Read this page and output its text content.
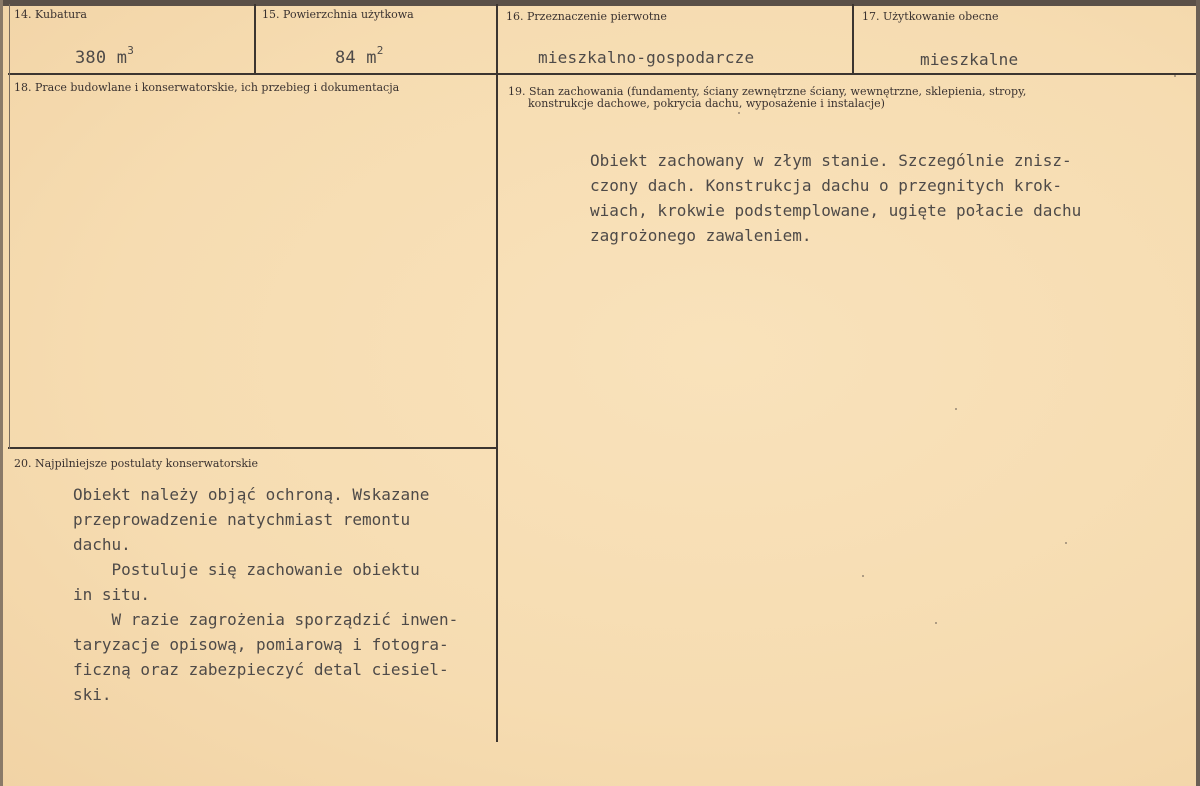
14. Kubatura
380 $m^3$
15. Powierzchnia użytkowa
84 $m^2$
16. Przeznaczenie pierwotne
mieszkalno-gospodarcze
17. Użytkowanie obecne
mieszkalne
18. Prace budowlane i konserwatorskie, ich przebieg i dokumentacja	19. Stan zachowania (fundamenty, ściany zewnętrzne ściany, wewnętrzne, sklepienia, stropy,
konstrukcje dachowe, pokrycia dachu, wyposażenie i instalacje)
Obiekt zachowany w złym stanie. Szczególnie znisz-
czony dach. Konstrukcja dachu o przegnitych krok-
wiach, krokwie podstemplowane, ugięte połacie dachu
zagrożonego zawaleniem.
20. Najpilniejsze postulaty konserwatorskie
Obiekt należy objąć ochroną. Wskazane
przeprowadzenie natychmiast remontu
dachu.
Postuluje się zachowanie obiektu
in situ.
W razie zagrożenia sporządzić inwen-
taryzacje opisową, pomiarową i fotogra-
ficzną oraz zabezpieczyć detal ciesiel-
ski.
